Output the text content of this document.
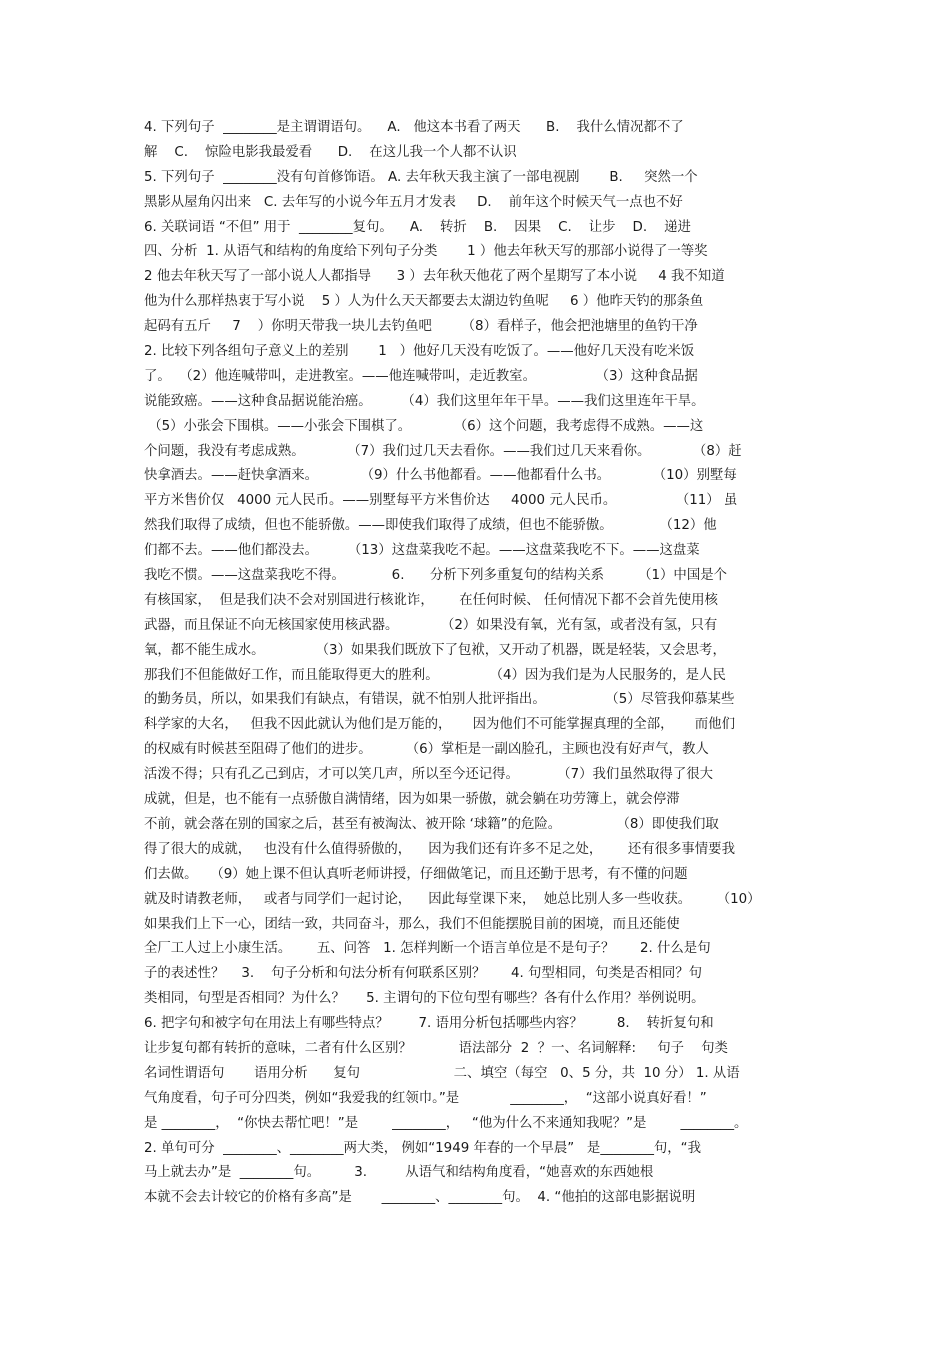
4. 下列句子  ________是主谓谓语句。    A.   他这本书看了两天      B.    我什么情况都不了
解    C.    惊险电影我最爱看      D.    在这儿我一个人都不认识
5. 下列句子  ________没有句首修饰语。 A. 去年秋天我主演了一部电视剧       B.     突然一个
黑影从屋角闪出来   C. 去年写的小说今年五月才发表     D.    前年这个时候天气一点也不好
6. 关联词语 “不但” 用于  ________复句。    A.    转折    B.    因果    C.    让步    D.    递进
四、分析  1. 从语气和结构的角度给下列句子分类       1 ）他去年秋天写的那部小说得了一等奖
2 他去年秋天写了一部小说人人都指导      3 ）去年秋天他花了两个星期写了本小说     4 我不知道
他为什么那样热衷于写小说    5 ）人为什么天天都要去太湖边钓鱼呢     6 ）他昨天钓的那条鱼
起码有五斤     7    ）你明天带我一块儿去钓鱼吧       （8）看样子，他会把池塘里的鱼钓干净
2. 比较下列各组句子意义上的差别       1   ）他好几天没有吃饭了。——他好几天没有吃米饭
了。  （2）他连喊带叫，走进教室。——他连喊带叫，走近教室。              （3）这种食品据
说能致癌。——这种食品据说能治癌。       （4）我们这里年年干旱。——我们这里连年干旱。
（5）小张会下围棋。——小张会下围棋了。          （6）这个问题，我考虑得不成熟。——这
个问题，我没有考虑成熟。          （7）我们过几天去看你。——我们过几天来看你。          （8）赶
快拿酒去。——赶快拿酒来。          （9）什么书他都看。——他都看什么书。          （10）别墅每
平方米售价仅   4000 元人民币。——别墅每平方米售价达     4000 元人民币。              （11） 虽
然我们取得了成绩，但也不能骄傲。——即使我们取得了成绩，但也不能骄傲。           （12）他
们都不去。——他们都没去。       （13）这盘菜我吃不起。——这盘菜我吃不下。——这盘菜
我吃不惯。——这盘菜我吃不得。           6.      分析下列多重复句的结构关系        （1）中国是个
有核国家，  但是我们决不会对别国进行核讹诈，      在任何时候、 任何情况下都不会首先使用核
武器，而且保证不向无核国家使用核武器。          （2）如果没有氧，光有氢，或者没有氢，只有
氧，都不能生成水。            （3）如果我们既放下了包袱，又开动了机器，既是轻装，又会思考，
那我们不但能做好工作，而且能取得更大的胜利。            （4）因为我们是为人民服务的，是人民
的勤务员，所以，如果我们有缺点，有错误，就不怕别人批评指出。              （5）尽管我仰慕某些
科学家的大名，   但我不因此就认为他们是万能的，     因为他们不可能掌握真理的全部，     而他们
的权威有时候甚至阻碍了他们的进步。        （6）掌柜是一副凶脸孔，主顾也没有好声气，教人
活泼不得；只有孔乙己到店，才可以笑几声，所以至今还记得。         （7）我们虽然取得了很大
成就，但是，也不能有一点骄傲自满情绪，因为如果一骄傲，就会躺在功劳簿上，就会停滞
不前，就会落在别的国家之后，甚至有被淘汰、被开除 ‘球籍”的危险。             （8）即使我们取
得了很大的成就，   也没有什么值得骄傲的，    因为我们还有许多不足之处，      还有很多事情要我
们去做。   （9）她上课不但认真听老师讲授，仔细做笔记，而且还勤于思考，有不懂的问题
就及时请教老师，   或者与同学们一起讨论，    因此每堂课下来，  她总比别人多一些收获。      （10）
如果我们上下一心，团结一致，共同奋斗，那么，我们不但能摆脱目前的困境，而且还能使
全厂工人过上小康生活。      五、问答   1. 怎样判断一个语言单位是不是句子？      2. 什么是句
子的表述性？    3.    句子分析和句法分析有何联系区别？      4. 句型相同，句类是否相同？句
类相同，句型是否相同？为什么？     5. 主谓句的下位句型有哪些？各有什么作用？举例说明。
6. 把字句和被字句在用法上有哪些特点？       7. 语用分析包括哪些内容？        8.    转折复句和
让步复句都有转折的意味，二者有什么区别？           语法部分  2  ？一、名词解释:     句子    句类
名词性谓语句       语用分析      复句                      二、填空（每空   0、5 分，共  10 分） 1. 从语
气角度看，句子可分四类，例如“我爱我的红领巾。”是            ________，  “这部小说真好看！”
是 ________，  “你快去帮忙吧！”是        ________，   “他为什么不来通知我呢？”是        ________。
2. 单句可分  ________、________两大类， 例如“1949 年春的一个早晨”   是________句，“我
马上就去办”是  ________句。        3.         从语气和结构角度看，“她喜欢的东西她根
本就不会去计较它的价格有多高”是       ________、________句。  4. “他拍的这部电影据说明
